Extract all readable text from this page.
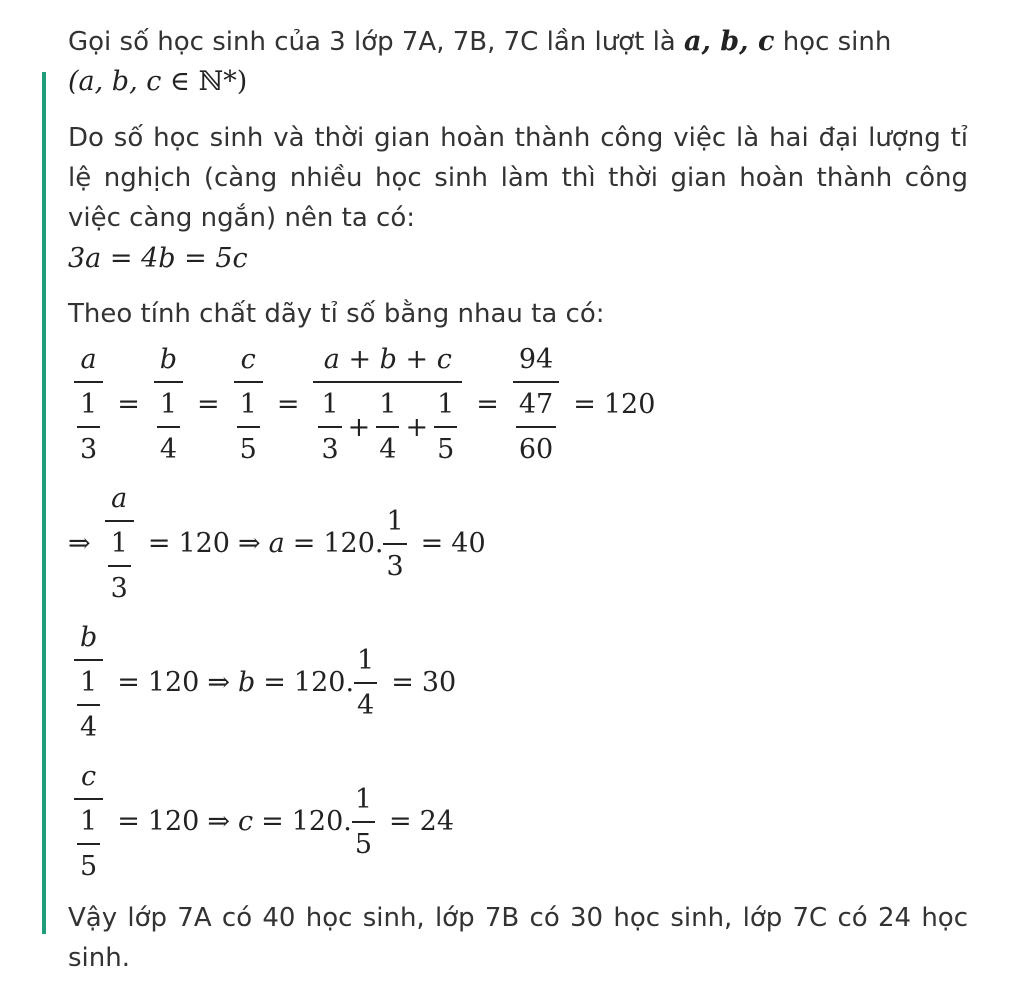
Gọi số học sinh của 3 lớp 7A, 7B, 7C lần lượt là a, b, c học sinh
(a, b, c ∈ ℕ*)

Do số học sinh và thời gian hoàn thành công việc là hai đại lượng tỉ lệ nghịch (càng nhiều học sinh làm thì thời gian hoàn thành công việc càng ngắn) nên ta có:

3a = 4b = 5c

Theo tính chất dãy tỉ số bằng nhau ta có:

$\frac{a}{\frac{1}{3}} = \frac{b}{\frac{1}{4}} = \frac{c}{\frac{1}{5}}$ =
a + b + c
$\frac{1}{3} + \frac{1}{4} + \frac{1}{5} = \frac{94}{\frac{47}{60}} = 120$
⇒ $\frac{a}{\frac{1}{3}} = 120$ ⇒ a = 120. $\frac{1}{3} = 40$
$\frac{b}{\frac{1}{4}} = 120$ ⇒ b = 120. $\frac{1}{4} = 30$
$\frac{c}{\frac{1}{5}} = 120$ ⇒ c = 120. $\frac{1}{5} = 24$

Vậy lớp 7A có 40 học sinh, lớp 7B có 30 học sinh, lớp 7C có 24 học sinh.
